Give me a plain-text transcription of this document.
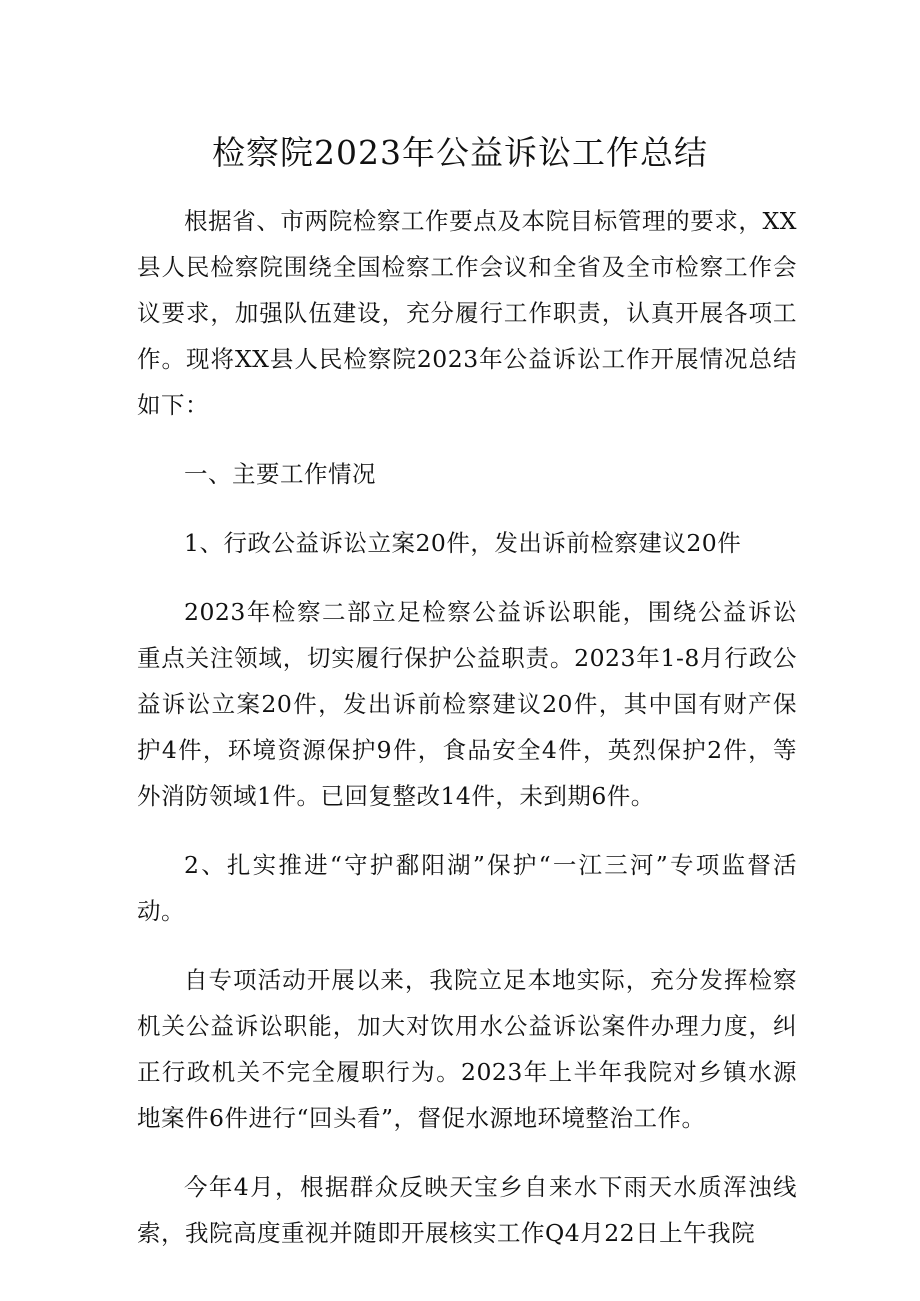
检察院2023年公益诉讼工作总结

根据省、市两院检察工作要点及本院目标管理的要求，XX县人民检察院围绕全国检察工作会议和全省及全市检察工作会议要求，加强队伍建设，充分履行工作职责，认真开展各项工作。现将XX县人民检察院2023年公益诉讼工作开展情况总结如下：

一、主要工作情况

1、行政公益诉讼立案20件，发出诉前检察建议20件

2023年检察二部立足检察公益诉讼职能，围绕公益诉讼重点关注领域，切实履行保护公益职责。2023年1-8月行政公益诉讼立案20件，发出诉前检察建议20件，其中国有财产保护4件，环境资源保护9件，食品安全4件，英烈保护2件，等外消防领域1件。已回复整改14件，未到期6件。

2、扎实推进“守护鄱阳湖”保护“一江三河”专项监督活动。

自专项活动开展以来，我院立足本地实际，充分发挥检察机关公益诉讼职能，加大对饮用水公益诉讼案件办理力度，纠正行政机关不完全履职行为。2023年上半年我院对乡镇水源地案件6件进行“回头看”，督促水源地环境整治工作。

今年4月，根据群众反映天宝乡自来水下雨天水质浑浊线索，我院高度重视并随即开展核实工作Q4月22日上午我院
